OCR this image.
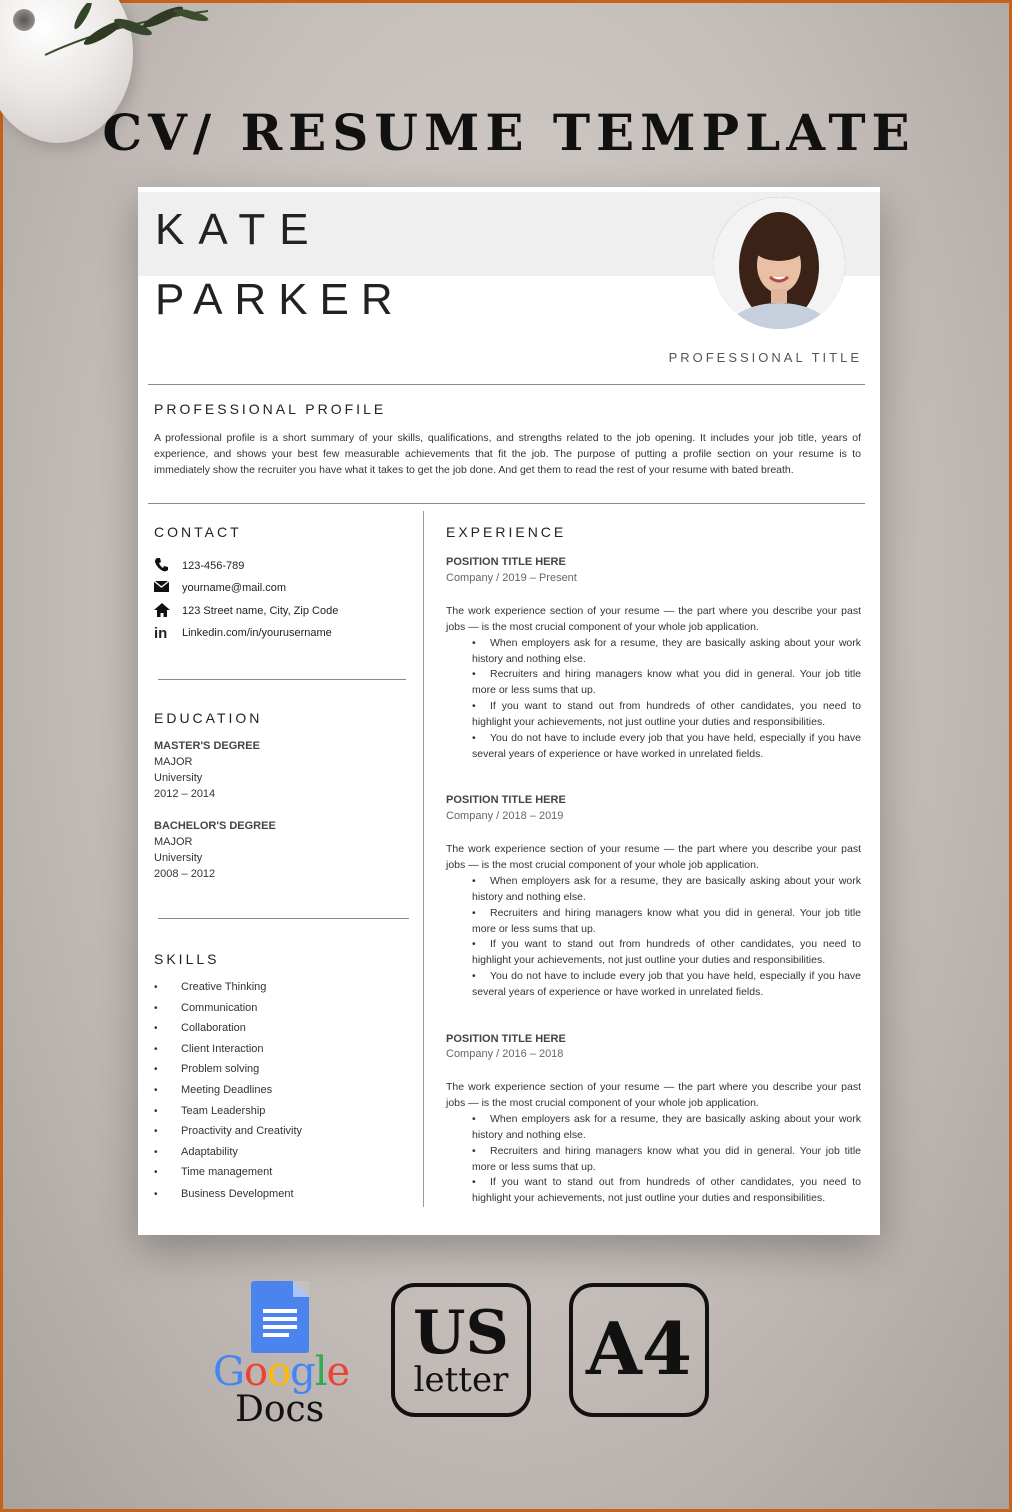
CV/ RESUME TEMPLATE
KATE
PARKER
PROFESSIONAL TITLE
PROFESSIONAL PROFILE
A professional profile is a short summary of your skills, qualifications, and strengths related to the job opening. It includes your job title, years of experience, and shows your best few measurable achievements that fit the job. The purpose of putting a profile section on your resume is to immediately show the recruiter you have what it takes to get the job done. And get them to read the rest of your resume with bated breath.
CONTACT
123-456-789
yourname@mail.com
123 Street name, City, Zip Code
in	Linkedin.com/in/yourusername
EDUCATION
MASTER'S DEGREE
MAJOR
University
2012 – 2014
BACHELOR'S DEGREE
MAJOR
University
2008 – 2012
SKILLS
•	Creative Thinking
•	Communication
•	Collaboration
•	Client Interaction
•	Problem solving
•	Meeting Deadlines
•	Team Leadership
•	Proactivity and Creativity
•	Adaptability
•	Time management
•	Business Development
EXPERIENCE
POSITION TITLE HERE
Company / 2019 – Present
The work experience section of your resume — the part where you describe your past jobs — is the most crucial component of your whole job application.
• When employers ask for a resume, they are basically asking about your work history and nothing else.
• Recruiters and hiring managers know what you did in general. Your job title more or less sums that up.
• If you want to stand out from hundreds of other candidates, you need to highlight your achievements, not just outline your duties and responsibilities.
• You do not have to include every job that you have held, especially if you have several years of experience or have worked in unrelated fields.
POSITION TITLE HERE
Company / 2018 – 2019
The work experience section of your resume — the part where you describe your past jobs — is the most crucial component of your whole job application.
• When employers ask for a resume, they are basically asking about your work history and nothing else.
• Recruiters and hiring managers know what you did in general. Your job title more or less sums that up.
• If you want to stand out from hundreds of other candidates, you need to highlight your achievements, not just outline your duties and responsibilities.
• You do not have to include every job that you have held, especially if you have several years of experience or have worked in unrelated fields.
POSITION TITLE HERE
Company / 2016 – 2018
The work experience section of your resume — the part where you describe your past jobs — is the most crucial component of your whole job application.
• When employers ask for a resume, they are basically asking about your work history and nothing else.
• Recruiters and hiring managers know what you did in general. Your job title more or less sums that up.
• If you want to stand out from hundreds of other candidates, you need to highlight your achievements, not just outline your duties and responsibilities.
Google
Docs
US
letter A4
